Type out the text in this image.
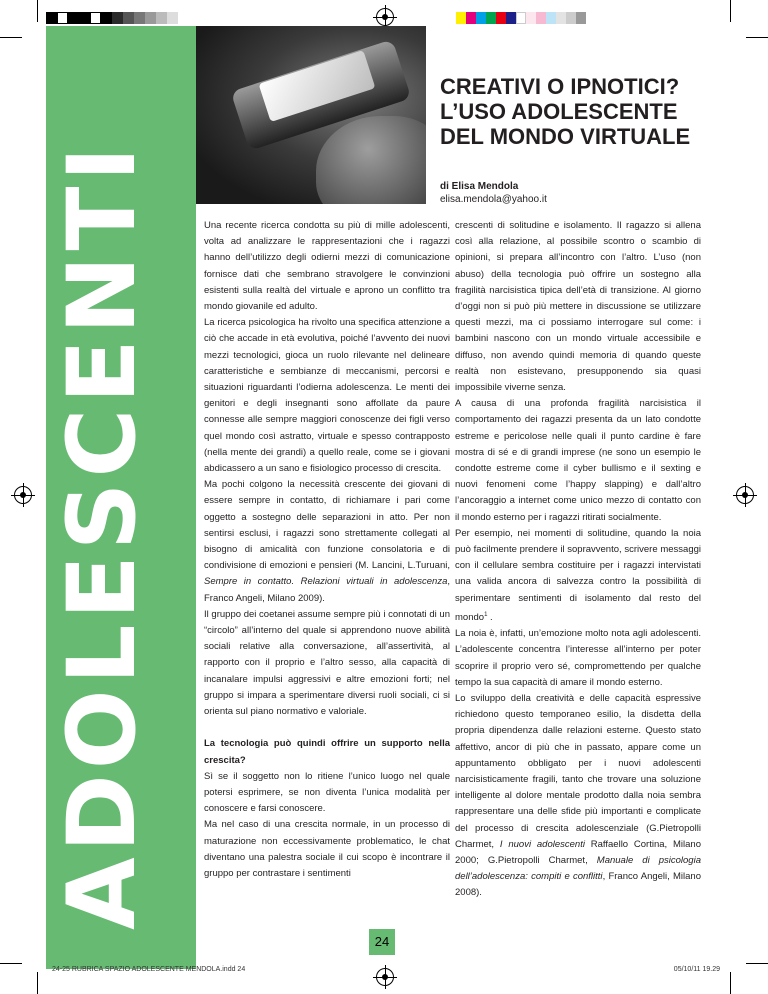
ADOLESCENTI
CREATIVI O IPNOTICI?
L’USO ADOLESCENTE
DEL MONDO VIRTUALE
di Elisa Mendola
elisa.mendola@yahoo.it

Una recente ricerca condotta su più di mille adolescenti, volta ad analizzare le rappresentazioni che i ragazzi hanno dell’utilizzo degli odierni mezzi di comunicazione fornisce dati che sembrano stravolgere le convinzioni esistenti sulla realtà del virtuale e aprono un conflitto tra mondo giovanile ed adulto.

La ricerca psicologica ha rivolto una specifica attenzione a ciò che accade in età evolutiva, poiché l’avvento dei nuovi mezzi tecnologici, gioca un ruolo rilevante nel delineare caratteristiche e sembianze di meccanismi, percorsi e situazioni riguardanti l’odierna adolescenza. Le menti dei genitori e degli insegnanti sono affollate da paure connesse alle sempre maggiori conoscenze dei figli verso quel mondo così astratto, virtuale e spesso contrapposto (nella mente dei grandi) a quello reale, come se i giovani abdicassero a un sano e fisiologico processo di crescita.

Ma pochi colgono la necessità crescente dei giovani di essere sempre in contatto, di richiamare i pari come oggetto a sostegno delle separazioni in atto. Per non sentirsi esclusi, i ragazzi sono strettamente collegati al bisogno di amicalità con funzione consolatoria e di condivisione di emozioni e pensieri (M. Lancini, L.Turuani, Sempre in contatto. Relazioni virtuali in adolescenza, Franco Angeli, Milano 2009).

Il gruppo dei coetanei assume sempre più i connotati di un “circolo” all’interno del quale si apprendono nuove abilità sociali relative alla conversazione, all’assertività, al rapporto con il proprio e l’altro sesso, alla capacità di incanalare impulsi aggressivi e altre emozioni forti; nel gruppo si impara a sperimentare diversi ruoli sociali, ci si orienta sul piano normativo e valoriale.

La tecnologia può quindi offrire un supporto nella crescita?

Sì se il soggetto non lo ritiene l’unico luogo nel quale potersi esprimere, se non diventa l’unica modalità per conoscere e farsi conoscere.

Ma nel caso di una crescita normale, in un processo di maturazione non eccessivamente problematico, le chat diventano una palestra sociale il cui scopo è incontrare il gruppo per contrastare i sentimenti

crescenti di solitudine e isolamento. Il ragazzo si allena così alla relazione, al possibile scontro o scambio di opinioni, si prepara all’incontro con l’altro. L’uso (non abuso) della tecnologia può offrire un sostegno alla fragilità narcisistica tipica dell’età di transizione. Al giorno d’oggi non si può più mettere in discussione se utilizzare questi mezzi, ma ci possiamo interrogare sul come: i bambini nascono con un mondo virtuale accessibile e diffuso, non avendo quindi memoria di quando queste realtà non esistevano, presupponendo sia quasi impossibile viverne senza.

A causa di una profonda fragilità narcisistica il comportamento dei ragazzi presenta da un lato condotte estreme e pericolose nelle quali il punto cardine è fare mostra di sé e di grandi imprese (ne sono un esempio le condotte estreme come il cyber bullismo e il sexting e nuovi fenomeni come l’happy slapping) e dall’altro l’ancoraggio a internet come unico mezzo di contatto con il mondo esterno per i ragazzi ritirati socialmente.

Per esempio, nei momenti di solitudine, quando la noia può facilmente prendere il sopravvento, scrivere messaggi con il cellulare sembra costituire per i ragazzi intervistati una valida ancora di salvezza contro la possibilità di sperimentare sentimenti di isolamento dal resto del mondo$^1$ .

La noia è, infatti, un’emozione molto nota agli adolescenti. L’adolescente concentra l’interesse all’interno per poter scoprire il proprio vero sé, compromettendo per qualche tempo la sua capacità di amare il mondo esterno.

Lo sviluppo della creatività e delle capacità espressive richiedono questo temporaneo esilio, la disdetta della propria dipendenza dalle relazioni esterne. Questo stato affettivo, ancor di più che in passato, appare come un appuntamento obbligato per i nuovi adolescenti narcisisticamente fragili, tanto che trovare una soluzione intelligente al dolore mentale prodotto dalla noia sembra rappresentare una delle sfide più importanti e complicate del processo di crescita adolescenziale (G.Pietropolli Charmet, I nuovi adolescenti Raffaello Cortina, Milano 2000; G.Pietropolli Charmet, Manuale di psicologia dell’adolescenza: compiti e conflitti, Franco Angeli, Milano 2008).

24
24-25 RUBRICA SPAZIO ADOLESCENTE MENDOLA.indd 24	05/10/11 19.29
